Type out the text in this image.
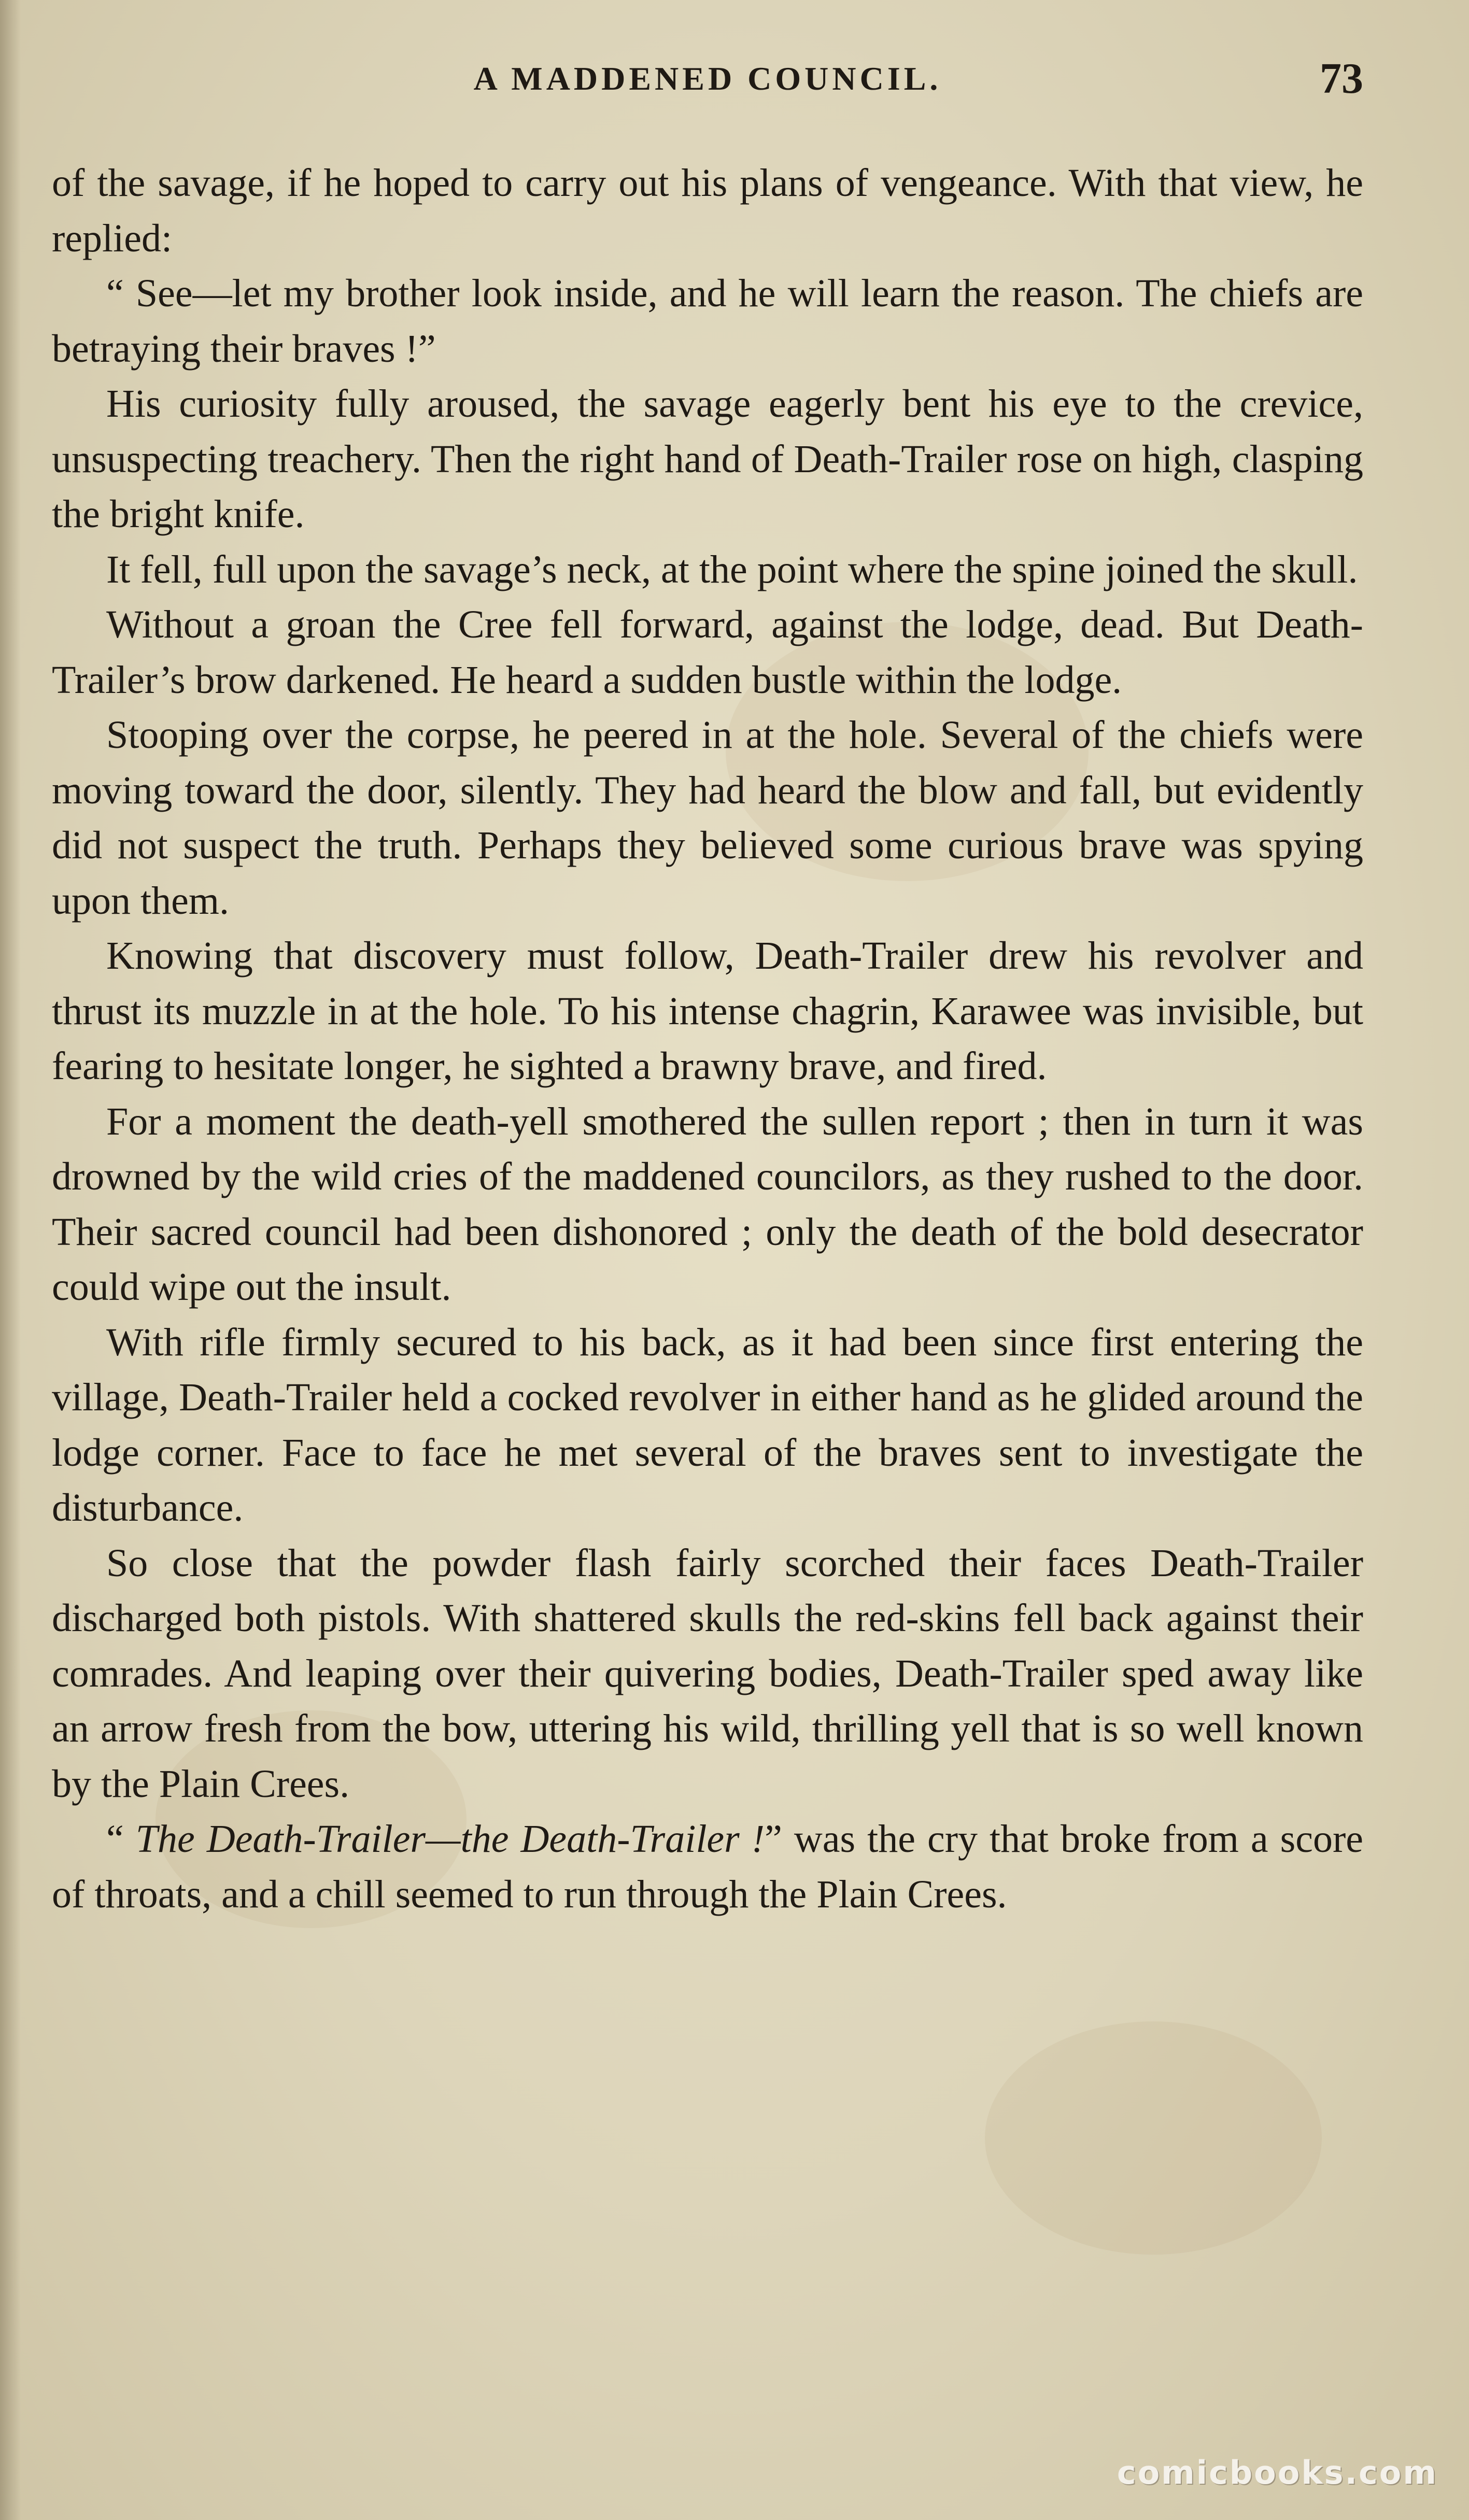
A MADDENED COUNCIL.	73

of the savage, if he hoped to carry out his plans of vengeance. With that view, he replied:

“ See—let my brother look inside, and he will learn the reason. The chiefs are betraying their braves !”

His curiosity fully aroused, the savage eagerly bent his eye to the crevice, unsuspecting treachery. Then the right hand of Death-Trailer rose on high, clasping the bright knife.

It fell, full upon the savage’s neck, at the point where the spine joined the skull.

Without a groan the Cree fell forward, against the lodge, dead. But Death-Trailer’s brow darkened. He heard a sudden bustle within the lodge.

Stooping over the corpse, he peered in at the hole. Several of the chiefs were moving toward the door, silently. They had heard the blow and fall, but evidently did not suspect the truth. Perhaps they believed some curious brave was spying upon them.

Knowing that discovery must follow, Death-Trailer drew his revolver and thrust its muzzle in at the hole. To his intense chagrin, Karawee was invisible, but fearing to hesitate longer, he sighted a brawny brave, and fired.

For a moment the death-yell smothered the sullen report ; then in turn it was drowned by the wild cries of the maddened councilors, as they rushed to the door. Their sacred council had been dishonored ; only the death of the bold desecrator could wipe out the insult.

With rifle firmly secured to his back, as it had been since first entering the village, Death-Trailer held a cocked revolver in either hand as he glided around the lodge corner. Face to face he met several of the braves sent to investigate the disturbance.

So close that the powder flash fairly scorched their faces Death-Trailer discharged both pistols. With shattered skulls the red-skins fell back against their comrades. And leaping over their quivering bodies, Death-Trailer sped away like an arrow fresh from the bow, uttering his wild, thrilling yell that is so well known by the Plain Crees.

“ The Death-Trailer—the Death-Trailer !” was the cry that broke from a score of throats, and a chill seemed to run through the Plain Crees.

comicbooks.com
